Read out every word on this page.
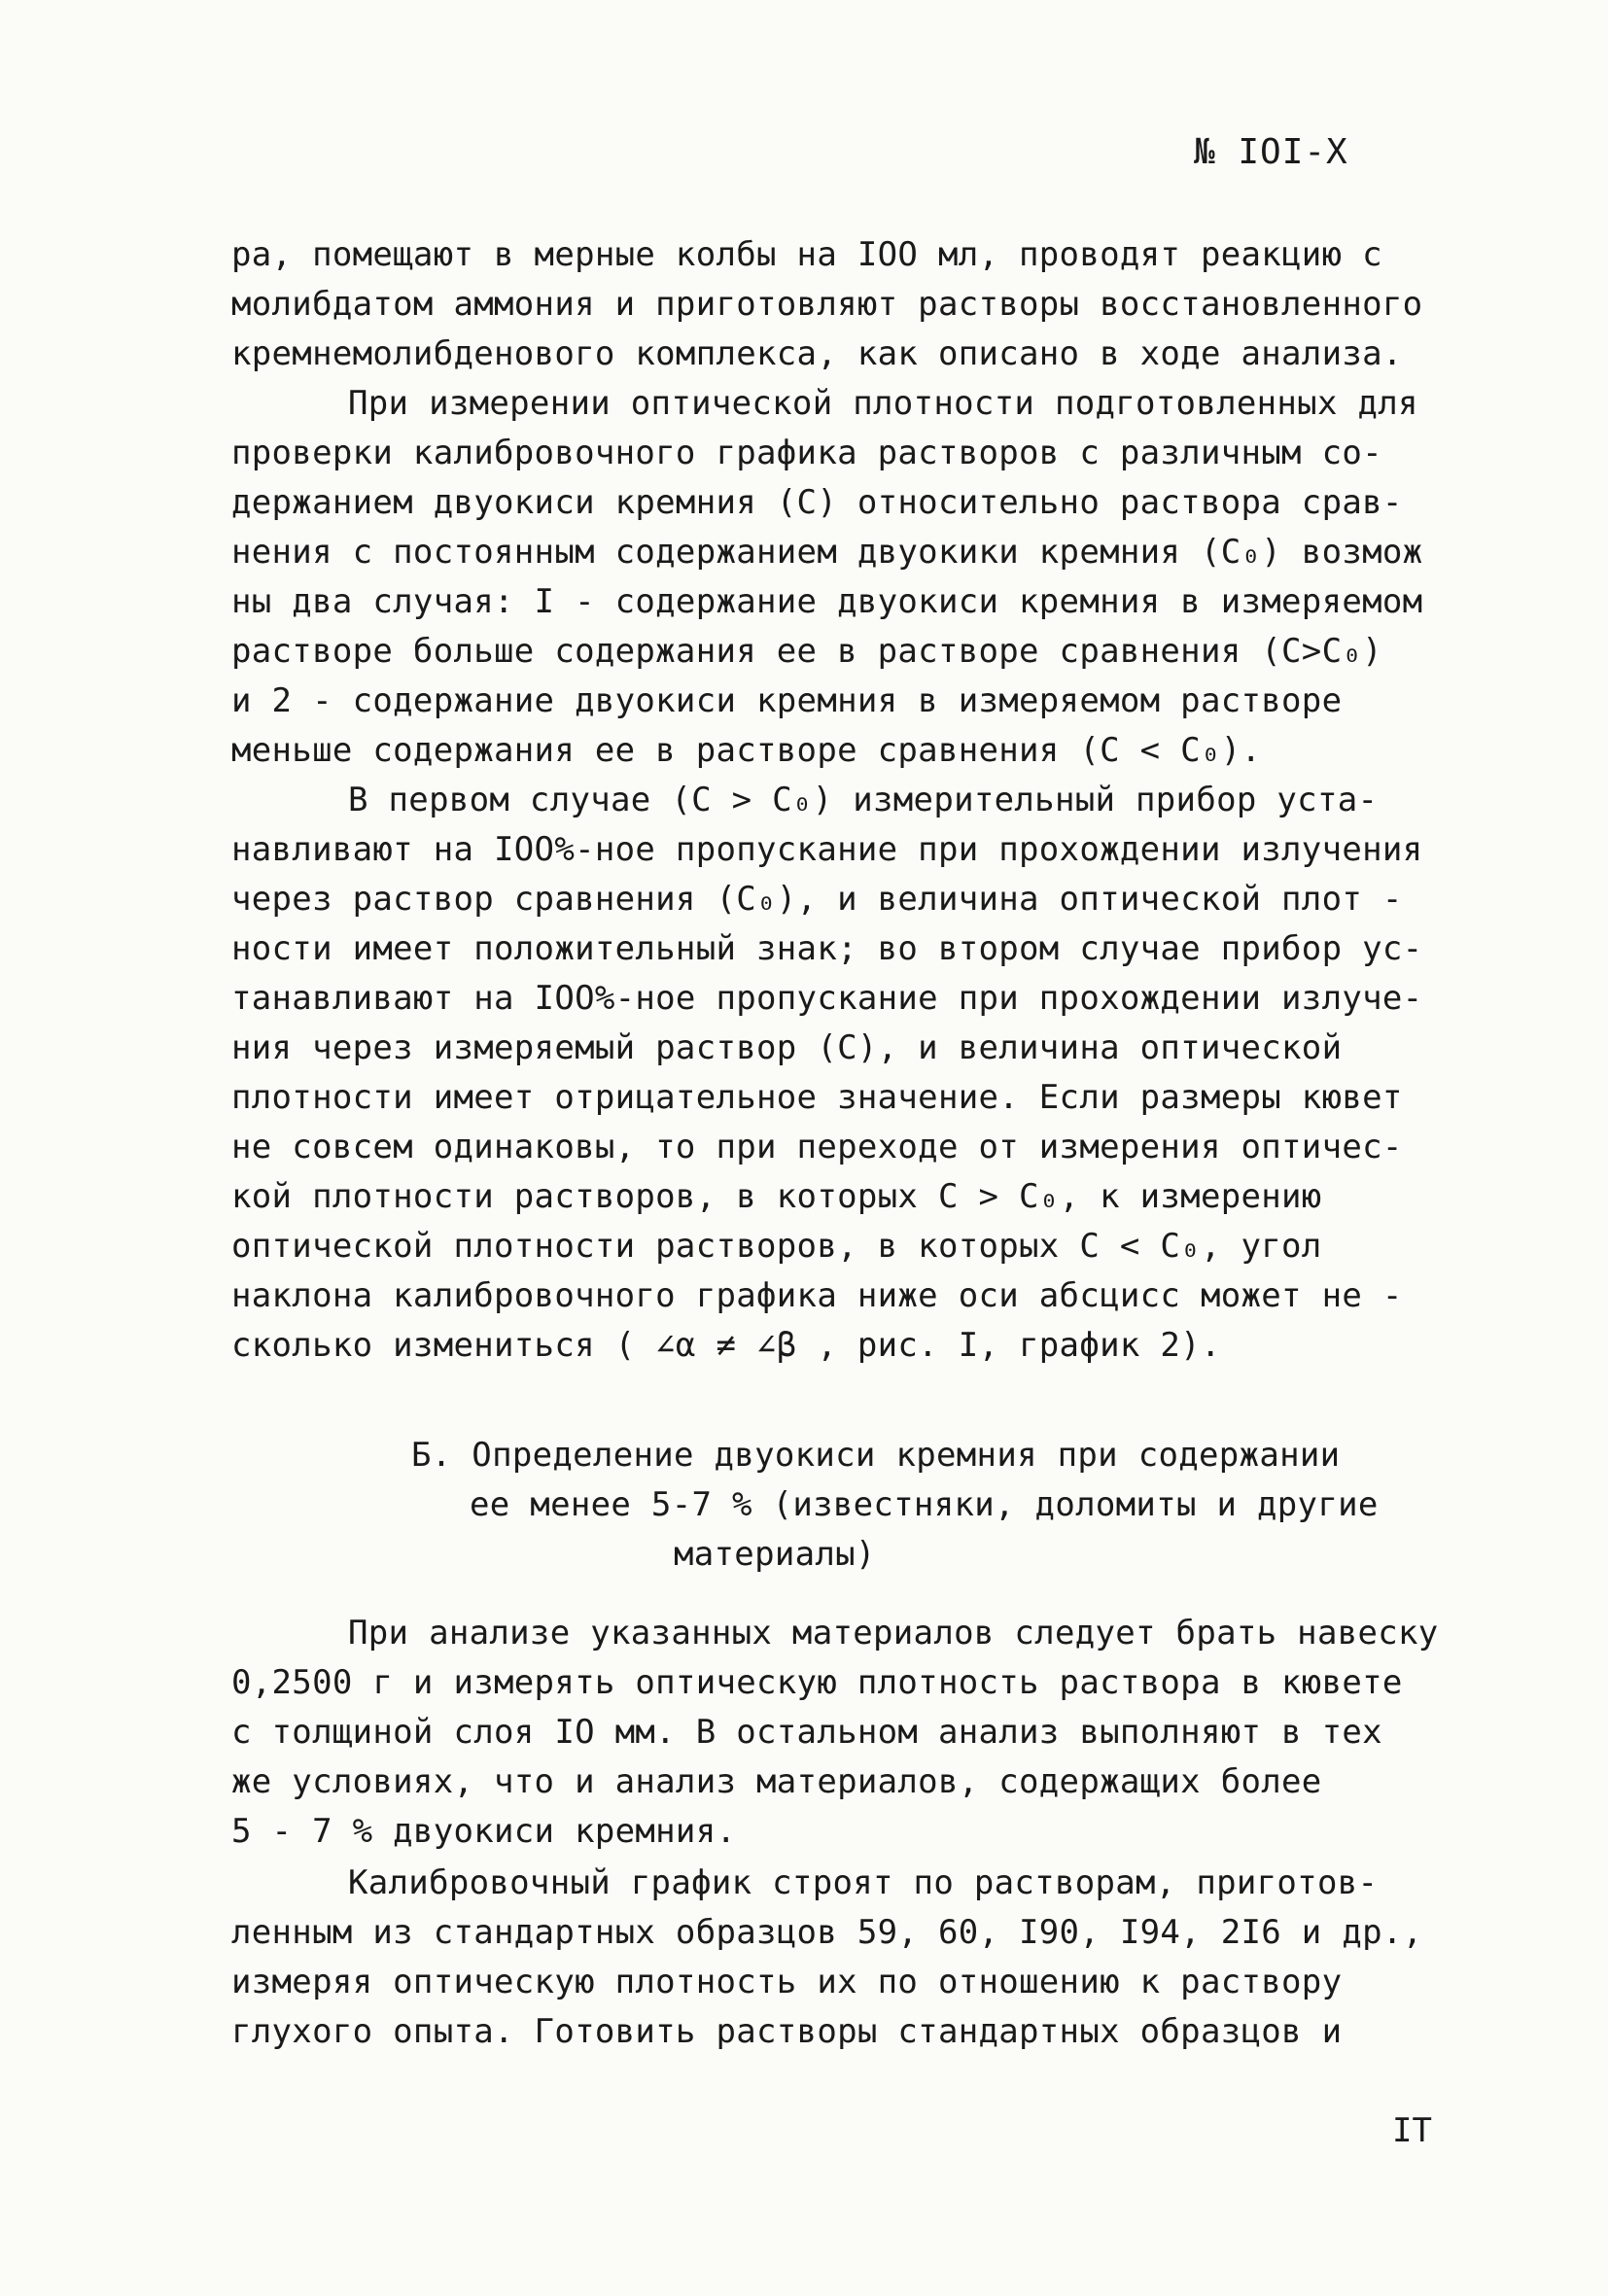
№ IOI-X
ра, помещают в мерные колбы на IOO мл, проводят реакцию с
молибдатом аммония и приготовляют растворы восстановленного
кремнемолибденового комплекса, как описано в ходе анализа.
При измерении оптической плотности подготовленных для
проверки калибровочного графика растворов с различным со-
держанием двуокиси кремния (С) относительно раствора срав-
нения с постоянным содержанием двуокики кремния (С₀) возмож
ны два случая: I - содержание двуокиси кремния в измеряемом
растворе больше содержания ее в растворе сравнения (С>С₀)
и 2 - содержание двуокиси кремния в измеряемом растворе
меньше содержания ее в растворе сравнения (С < С₀).
В первом случае (С > С₀) измерительный прибор уста-
навливают на IOO%-ное пропускание при прохождении излучения
через раствор сравнения (С₀), и величина оптической плот -
ности имеет положительный знак; во втором случае прибор ус-
танавливают на IOO%-ное пропускание при прохождении излуче-
ния через измеряемый раствор (С), и величина оптической
плотности имеет отрицательное значение. Если размеры кювет
не совсем одинаковы, то при переходе от измерения оптичес-
кой плотности растворов, в которых С > С₀, к измерению
оптической плотности растворов, в которых С < С₀, угол
наклона калибровочного графика ниже оси абсцисс может не -
сколько измениться ( ∠α ≠ ∠β , рис. I, график 2).
Б. Определение двуокиси кремния при содержании
ее менее 5-7 % (известняки, доломиты и другие
материалы)
При анализе указанных материалов следует брать навеску
0,2500 г и измерять оптическую плотность раствора в кювете
с толщиной слоя IO мм. В остальном анализ выполняют в тех
же условиях, что и анализ материалов, содержащих более
5 - 7 % двуокиси кремния.
Калибровочный график строят по растворам, приготов-
ленным из стандартных образцов 59, 60, I90, I94, 2I6 и др.,
измеряя оптическую плотность их по отношению к раствору
глухого опыта. Готовить растворы стандартных образцов и
IT
